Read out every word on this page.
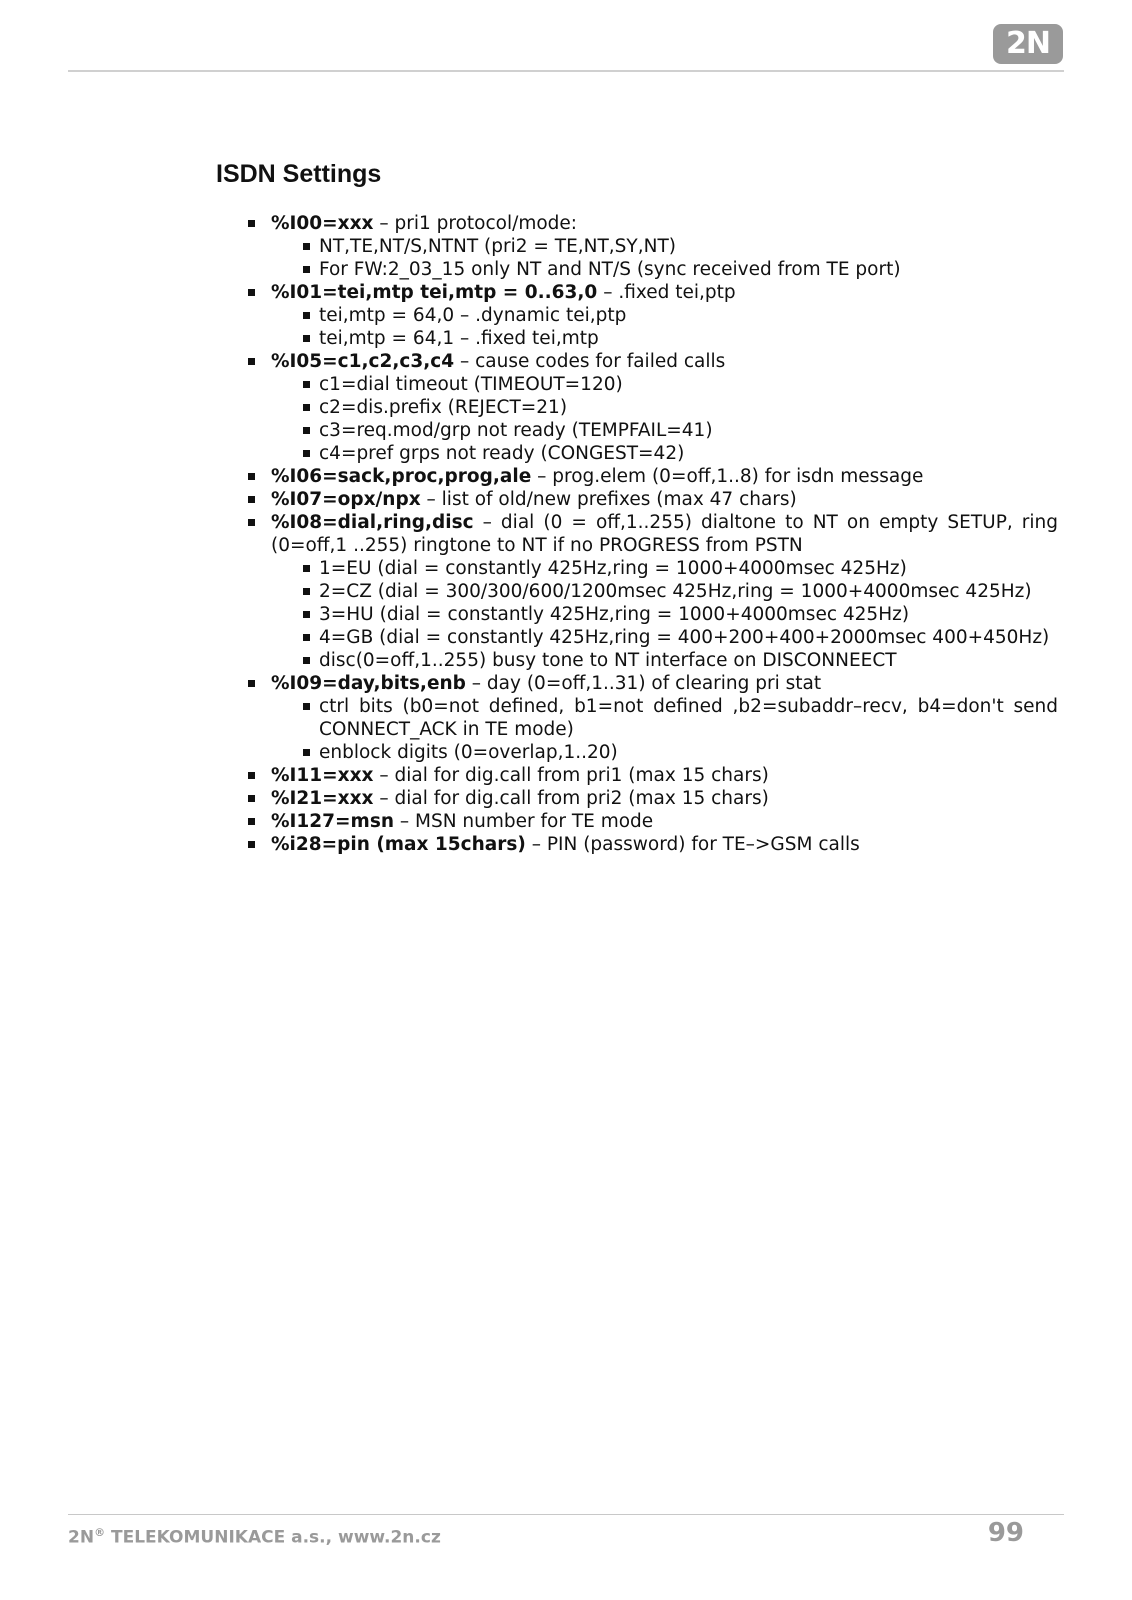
2N
ISDN Settings
%I00=xxx – pri1 protocol/mode:
NT,TE,NT/S,NTNT (pri2 = TE,NT,SY,NT)
For FW:2_03_15 only NT and NT/S (sync received from TE port)
%I01=tei,mtp tei,mtp = 0..63,0 – .fixed tei,ptp
tei,mtp = 64,0 – .dynamic tei,ptp
tei,mtp = 64,1 – .fixed tei,mtp
%I05=c1,c2,c3,c4 – cause codes for failed calls
c1=dial timeout (TIMEOUT=120)
c2=dis.prefix (REJECT=21)
c3=req.mod/grp not ready (TEMPFAIL=41)
c4=pref grps not ready (CONGEST=42)
%I06=sack,proc,prog,ale – prog.elem (0=off,1..8) for isdn message
%I07=opx/npx – list of old/new prefixes (max 47 chars)
%I08=dial,ring,disc – dial (0 = off,1..255) dialtone to NT on empty SETUP, ring (0=off,1 ..255) ringtone to NT if no PROGRESS from PSTN
1=EU (dial = constantly 425Hz,ring = 1000+4000msec 425Hz)
2=CZ (dial = 300/300/600/1200msec 425Hz,ring = 1000+4000msec 425Hz)
3=HU (dial = constantly 425Hz,ring = 1000+4000msec 425Hz)
4=GB (dial = constantly 425Hz,ring = 400+200+400+2000msec 400+450Hz)
disc(0=off,1..255) busy tone to NT interface on DISCONNEECT
%I09=day,bits,enb – day (0=off,1..31) of clearing pri stat
ctrl bits (b0=not defined, b1=not defined ,b2=subaddr–recv, b4=don't send CONNECT_ACK in TE mode)
enblock digits (0=overlap,1..20)
%I11=xxx – dial for dig.call from pri1 (max 15 chars)
%I21=xxx – dial for dig.call from pri2 (max 15 chars)
%I127=msn – MSN number for TE mode
%i28=pin (max 15chars) – PIN (password) for TE–>GSM calls
2N® TELEKOMUNIKACE a.s., www.2n.cz	99
